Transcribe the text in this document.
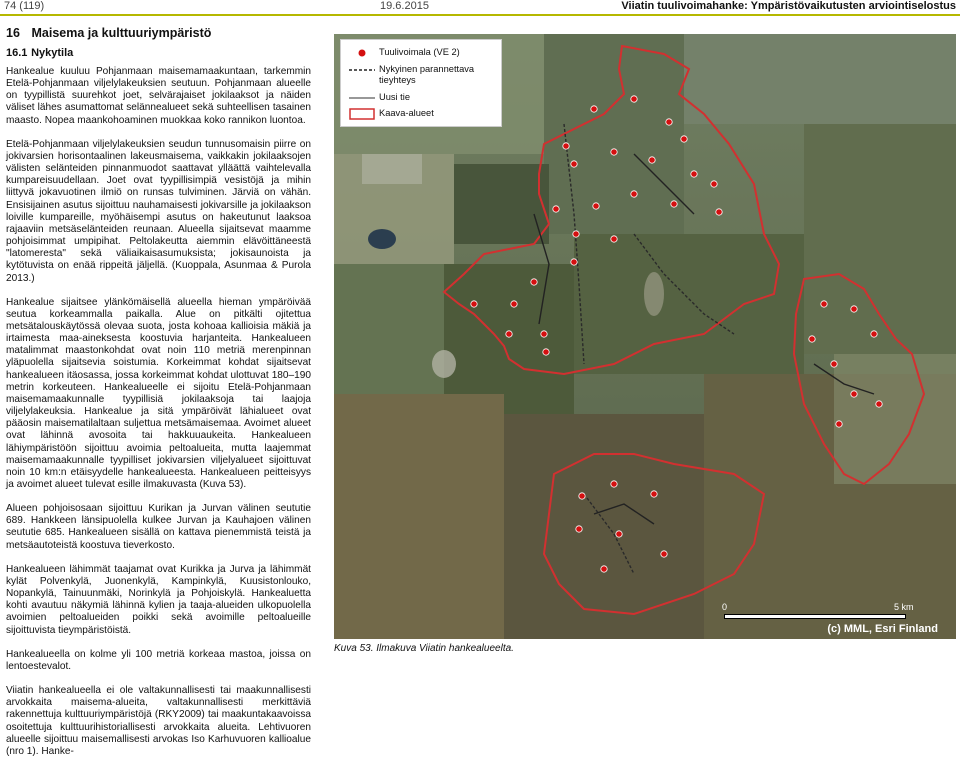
74 (119)	19.6.2015	Viiatin tuulivoimahanke: Ympäristövaikutusten arviointiselostus
16 Maisema ja kulttuuriympäristö
16.1 Nykytila

Hankealue kuuluu Pohjanmaan maisemamaakuntaan, tarkemmin Etelä-Pohjanmaan viljelylakeuksien seutuun. Pohjanmaan alueelle on tyypillistä suurehkot joet, selvärajaiset jokilaaksot ja näiden väliset lähes asumattomat selännealueet sekä suhteellisen tasainen maasto. Nopea maankohoaminen muokkaa koko rannikon luontoa.

Etelä-Pohjanmaan viljelylakeuksien seudun tunnusomaisin piirre on jokivarsien horisontaalinen lakeusmaisema, vaikkakin jokilaaksojen välisten selänteiden pinnanmuodot saattavat ylläättä vaihtelevalla kumpareisuudellaan. Joet ovat tyypillisimpiä vesistöjä ja mihin liittyvä jokavuotinen ilmiö on runsas tulviminen. Järviä on vähän. Ensisijainen asutus sijoittuu nauhamaisesti jokivarsille ja jokilaakson loiville kumpareille, myöhäisempi asutus on hakeutunut laaksoa rajaaviin metsäselänteiden reunaan. Alueella sijaitsevat maamme pohjoisimmat umpipihat. Peltolakeutta aiemmin elävöittäneestä "latomeresta" sekä väliaikaisasumuksista; jokisaunoista ja kytötuvista on enää rippeitä jäljellä. (Kuoppala, Asunmaa & Purola 2013.)

Hankealue sijaitsee ylänkömäisellä alueella hieman ympäröivää seutua korkeammalla paikalla. Alue on pitkälti ojitettua metsätalouskäytössä olevaa suota, josta kohoaa kallioisia mäkiä ja irtaimesta maa-aineksesta koostuvia harjanteita. Hankealueen matalimmat maastonkohdat ovat noin 110 metriä merenpinnan yläpuolella sijaitsevia soistumia. Korkeimmat kohdat sijaitsevat hankealueen itäosassa, jossa korkeimmat kohdat ulottuvat 180–190 metrin korkeuteen. Hankealueelle ei sijoitu Etelä-Pohjanmaan maisemamaakunnalle tyypillisiä jokilaaksoja tai laajoja viljelylakeuksia. Hankealue ja sitä ympäröivät lähialueet ovat pääosin maisematilaltaan suljettua metsämaisemaa. Avoimet alueet ovat lähinnä avosoita tai hakkuuaukeita. Hankealueen lähiympäristöön sijoittuu avoimia peltoalueita, mutta laajemmat maisemamaakunnalle tyypilliset jokivarsien viljelyalueet sijoittuvat noin 10 km:n etäisyydelle hankealueesta. Hankealueen peitteisyys ja avoimet alueet tulevat esille ilmakuvasta (Kuva 53).

Alueen pohjoisosaan sijoittuu Kurikan ja Jurvan välinen seututie 689. Hankkeen länsipuolella kulkee Jurvan ja Kauhajoen välinen seututie 685. Hankealueen sisällä on kattava pienemmistä teistä ja metsäautoteistä koostuva tieverkosto.

Hankealueen lähimmät taajamat ovat Kurikka ja Jurva ja lähimmät kylät Polvenkylä, Juonenkylä, Kampinkylä, Kuusistonlouko, Nopankylä, Tainuunmäki, Norinkylä ja Pohjoiskylä. Hankealuetta kohti avautuu näkymiä lähinnä kylien ja taaja-alueiden ulkopuolella avoimien peltoalueiden poikki sekä avoimille peltoalueille sijoittuvista tieympäristöistä.

Hankealueella on kolme yli 100 metriä korkeaa mastoa, joissa on lentoestevalot.

Viiatin hankealueella ei ole valtakunnallisesti tai maakunnallisesti arvokkaita maisema-alueita, valtakunnallisesti merkittäviä rakennettuja kulttuuriympäristöjä (RKY2009) tai maakuntakaavoissa osoitettuja kulttuurihistoriallisesti arvokkaita alueita. Lehtivuoren alueelle sijoittuu maisemallisesti arvokas Iso Karhuvuoren kallioalue (nro 1). Hanke-

0	5 km
(c) MML, Esri Finland
Tuulivoimala (VE 2)
Nykyinen parannettava tieyhteys
Uusi tie
Kaava-alueet
Kuva 53. Ilmakuva Viiatin hankealueelta.
